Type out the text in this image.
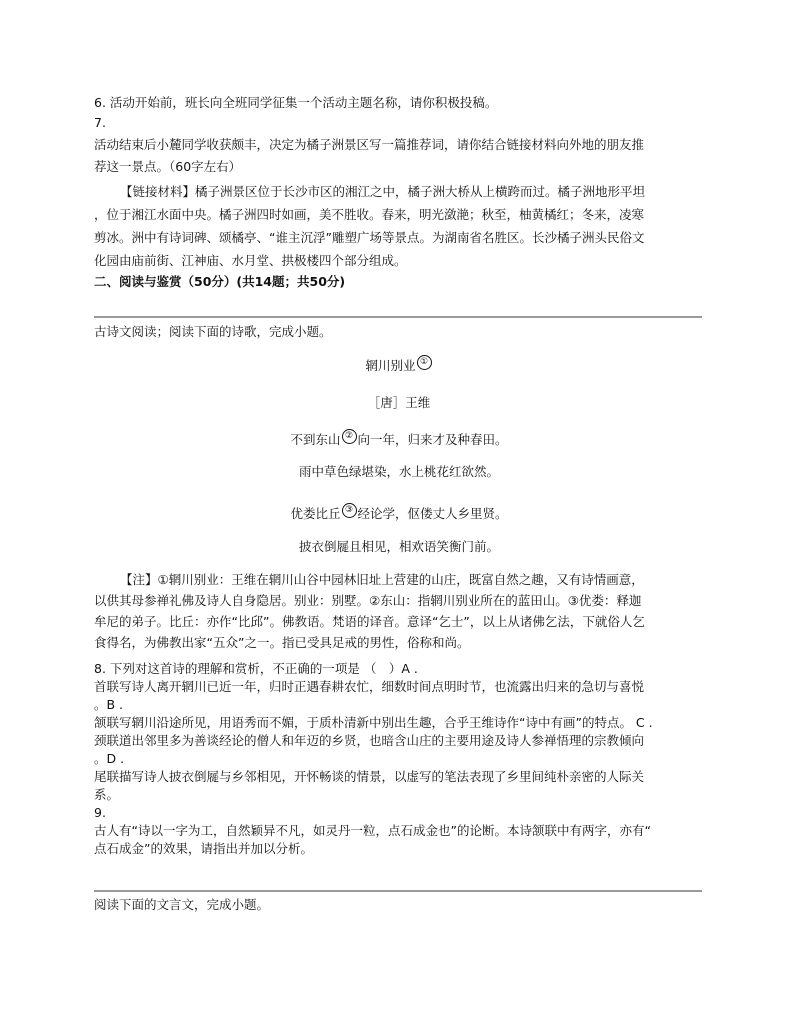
6. 活动开始前，班长向全班同学征集一个活动主题名称，请你积极投稿。
7.
活动结束后小麓同学收获颇丰，决定为橘子洲景区写一篇推荐词，请你结合链接材料向外地的朋友推
荐这一景点。（60字左右）
【链接材料】橘子洲景区位于长沙市区的湘江之中，橘子洲大桥从上横跨而过。橘子洲地形平坦
，位于湘江水面中央。橘子洲四时如画，美不胜收。春来，明光潋滟；秋至，柚黄橘红；冬来，凌寒
剪冰。洲中有诗词碑、颂橘亭、“谁主沉浮”雕塑广场等景点。为湖南省名胜区。长沙橘子洲头民俗文
化园由庙前街、江神庙、水月堂、拱极楼四个部分组成。
二、阅读与鉴赏（50分）(共14题；共50分)
古诗文阅读；阅读下面的诗歌，完成小题。
辋川别业 ①
［唐］王维
不到东山 ② 向一年，归来才及种春田。
雨中草色绿堪染，水上桃花红欲然。
优娄比丘 ③ 经论学，伛偻丈人乡里贤。
披衣倒屣且相见，相欢语笑衡门前。
【注】①辋川别业：王维在辋川山谷中园林旧址上营建的山庄，既富自然之趣，又有诗情画意，
以供其母参禅礼佛及诗人自身隐居。别业：别墅。②东山：指辋川别业所在的蓝田山。③优娄：释迦
牟尼的弟子。比丘：亦作“比邱”。佛教语。梵语的译音。意译“乞士”，以上从诸佛乞法，下就俗人乞
食得名，为佛教出家“五众”之一。指已受具足戒的男性，俗称和尚。
8. 下列对这首诗的理解和赏析，不正确的一项是 （　）A .
首联写诗人离开辋川已近一年，归时正遇春耕农忙，细数时间点明时节，也流露出归来的急切与喜悦
。B .
颔联写辋川沿途所见，用语秀而不媚，于质朴清新中别出生趣，合乎王维诗作“诗中有画”的特点。 C .
颈联道出邻里多为善谈经论的僧人和年迈的乡贤，也暗含山庄的主要用途及诗人参禅悟理的宗教倾向
。D .
尾联描写诗人披衣倒屣与乡邻相见，开怀畅谈的情景，以虚写的笔法表现了乡里间纯朴亲密的人际关
系。
9.
古人有“诗以一字为工，自然颖异不凡，如灵丹一粒，点石成金也”的论断。本诗颔联中有两字，亦有“
点石成金”的效果，请指出并加以分析。
阅读下面的文言文，完成小题。
